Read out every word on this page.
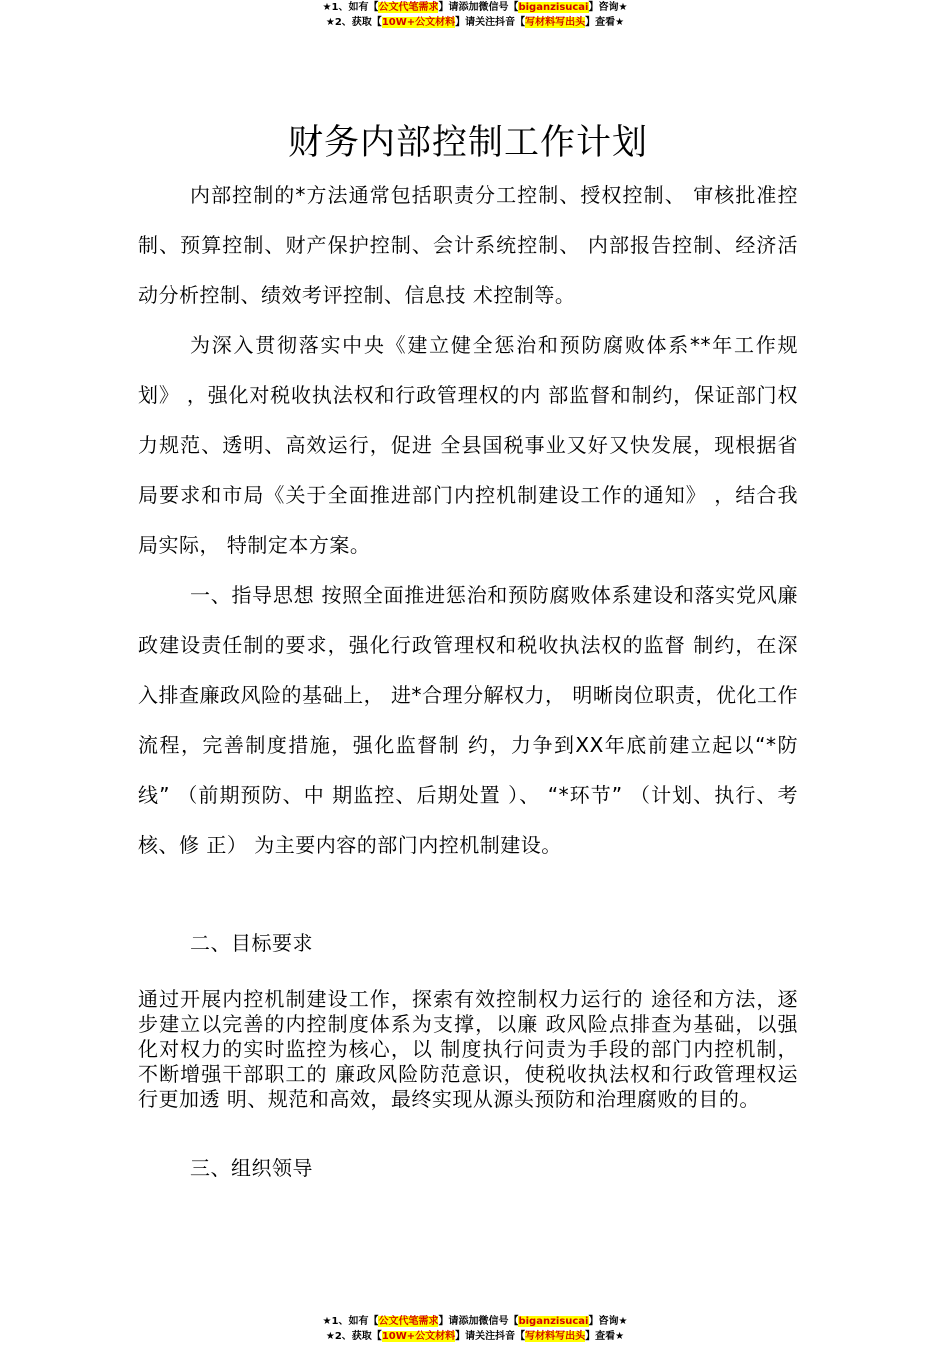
★1、如有【公文代笔需求】请添加微信号【biganzisucai】咨询★
★2、获取【10W+公文材料】请关注抖音【写材料写出头】查看★
财务内部控制工作计划

内部控制的*方法通常包括职责分工控制、授权控制、 审核批准控制、预算控制、财产保护控制、会计系统控制、 内部报告控制、经济活动分析控制、绩效考评控制、信息技 术控制等。

为深入贯彻落实中央《建立健全惩治和预防腐败体系**年工作规划》 ，强化对税收执法权和行政管理权的内 部监督和制约，保证部门权力规范、透明、高效运行，促进 全县国税事业又好又快发展，现根据省局要求和市局《关于全面推进部门内控机制建设工作的通知》 ，结合我局实际， 特制定本方案。

一、指导思想 按照全面推进惩治和预防腐败体系建设和落实党风廉 政建设责任制的要求，强化行政管理权和税收执法权的监督 制约，在深入排查廉政风险的基础上， 进*合理分解权力， 明晰岗位职责，优化工作流程，完善制度措施，强化监督制 约，力争到XX年底前建立起以“*防线” （前期预防、中 期监控、后期处置 ）、 “*环节” （计划、执行、考核、修 正） 为主要内容的部门内控机制建设。

二、目标要求

通过开展内控机制建设工作，探索有效控制权力运行的 途径和方法，逐步建立以完善的内控制度体系为支撑，以廉 政风险点排查为基础，以强化对权力的实时监控为核心，以 制度执行问责为手段的部门内控机制，不断增强干部职工的 廉政风险防范意识，使税收执法权和行政管理权运行更加透 明、规范和高效，最终实现从源头预防和治理腐败的目的。

三、组织领导

★1、如有【公文代笔需求】请添加微信号【biganzisucai】咨询★
★2、获取【10W+公文材料】请关注抖音【写材料写出头】查看★
